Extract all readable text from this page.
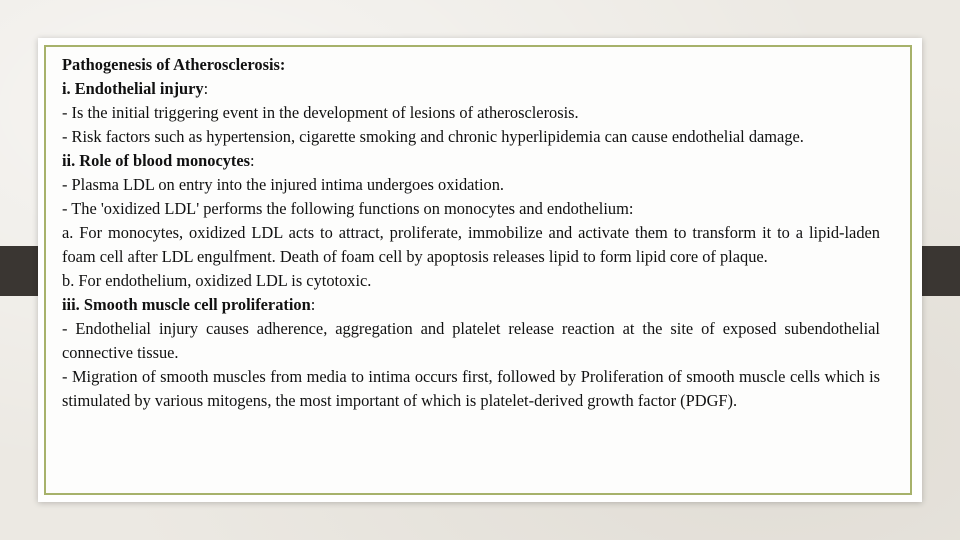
Pathogenesis of Atherosclerosis:

i. Endothelial injury:

- Is the initial triggering event in the development of lesions of atherosclerosis.

- Risk factors such as hypertension, cigarette smoking and chronic hyperlipidemia can cause endothelial damage.

ii. Role of blood monocytes:

- Plasma LDL on entry into the injured intima undergoes oxidation.

- The 'oxidized LDL' performs the following functions on monocytes and endothelium:

a. For monocytes, oxidized LDL acts to attract, proliferate, immobilize and activate them to transform it to a lipid-laden foam cell after LDL engulfment. Death of foam cell by apoptosis releases lipid to form lipid core of plaque.

b. For endothelium, oxidized LDL is cytotoxic.

iii. Smooth muscle cell proliferation:

- Endothelial injury causes adherence, aggregation and platelet release reaction at the site of exposed subendothelial connective tissue.

- Migration of smooth muscles from media to intima occurs first, followed by Proliferation of smooth muscle cells which is stimulated by various mitogens, the most important of which is platelet-derived growth factor (PDGF).
